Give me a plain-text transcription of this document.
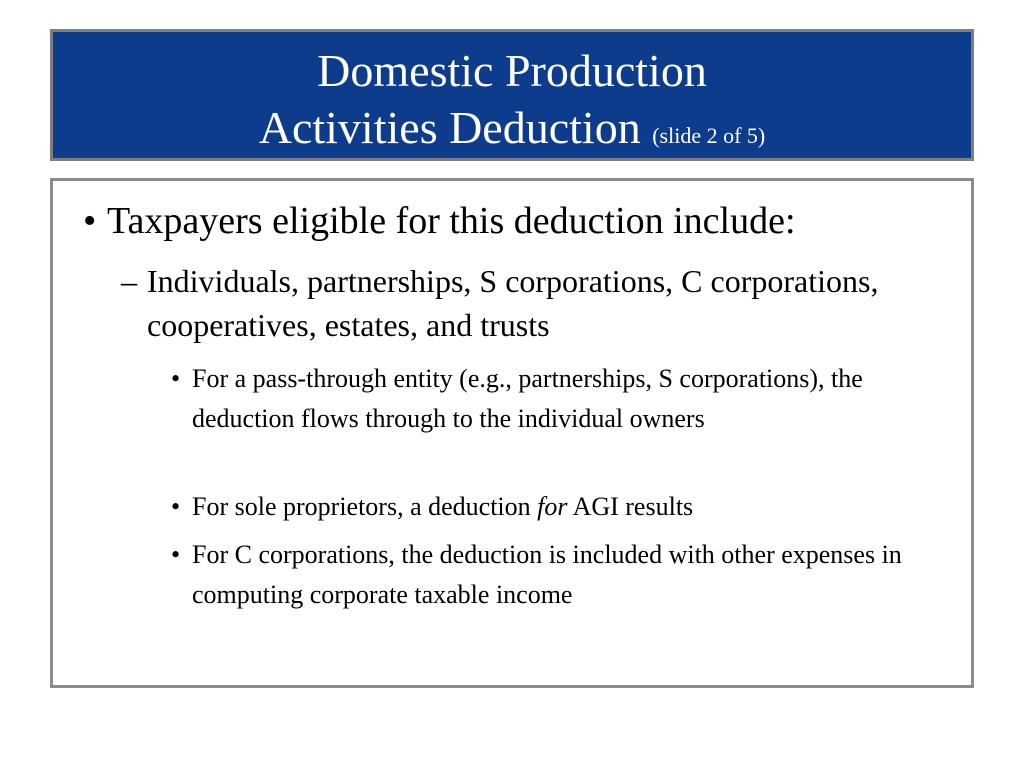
Domestic Production
Activities Deduction (slide 2 of 5)
• Taxpayers eligible for this deduction include:
– Individuals, partnerships, S corporations, C corporations, cooperatives, estates, and trusts
• For a pass-through entity (e.g., partnerships, S corporations), the deduction flows through to the individual owners
• For sole proprietors, a deduction for AGI results
• For C corporations, the deduction is included with other expenses in computing corporate taxable income
